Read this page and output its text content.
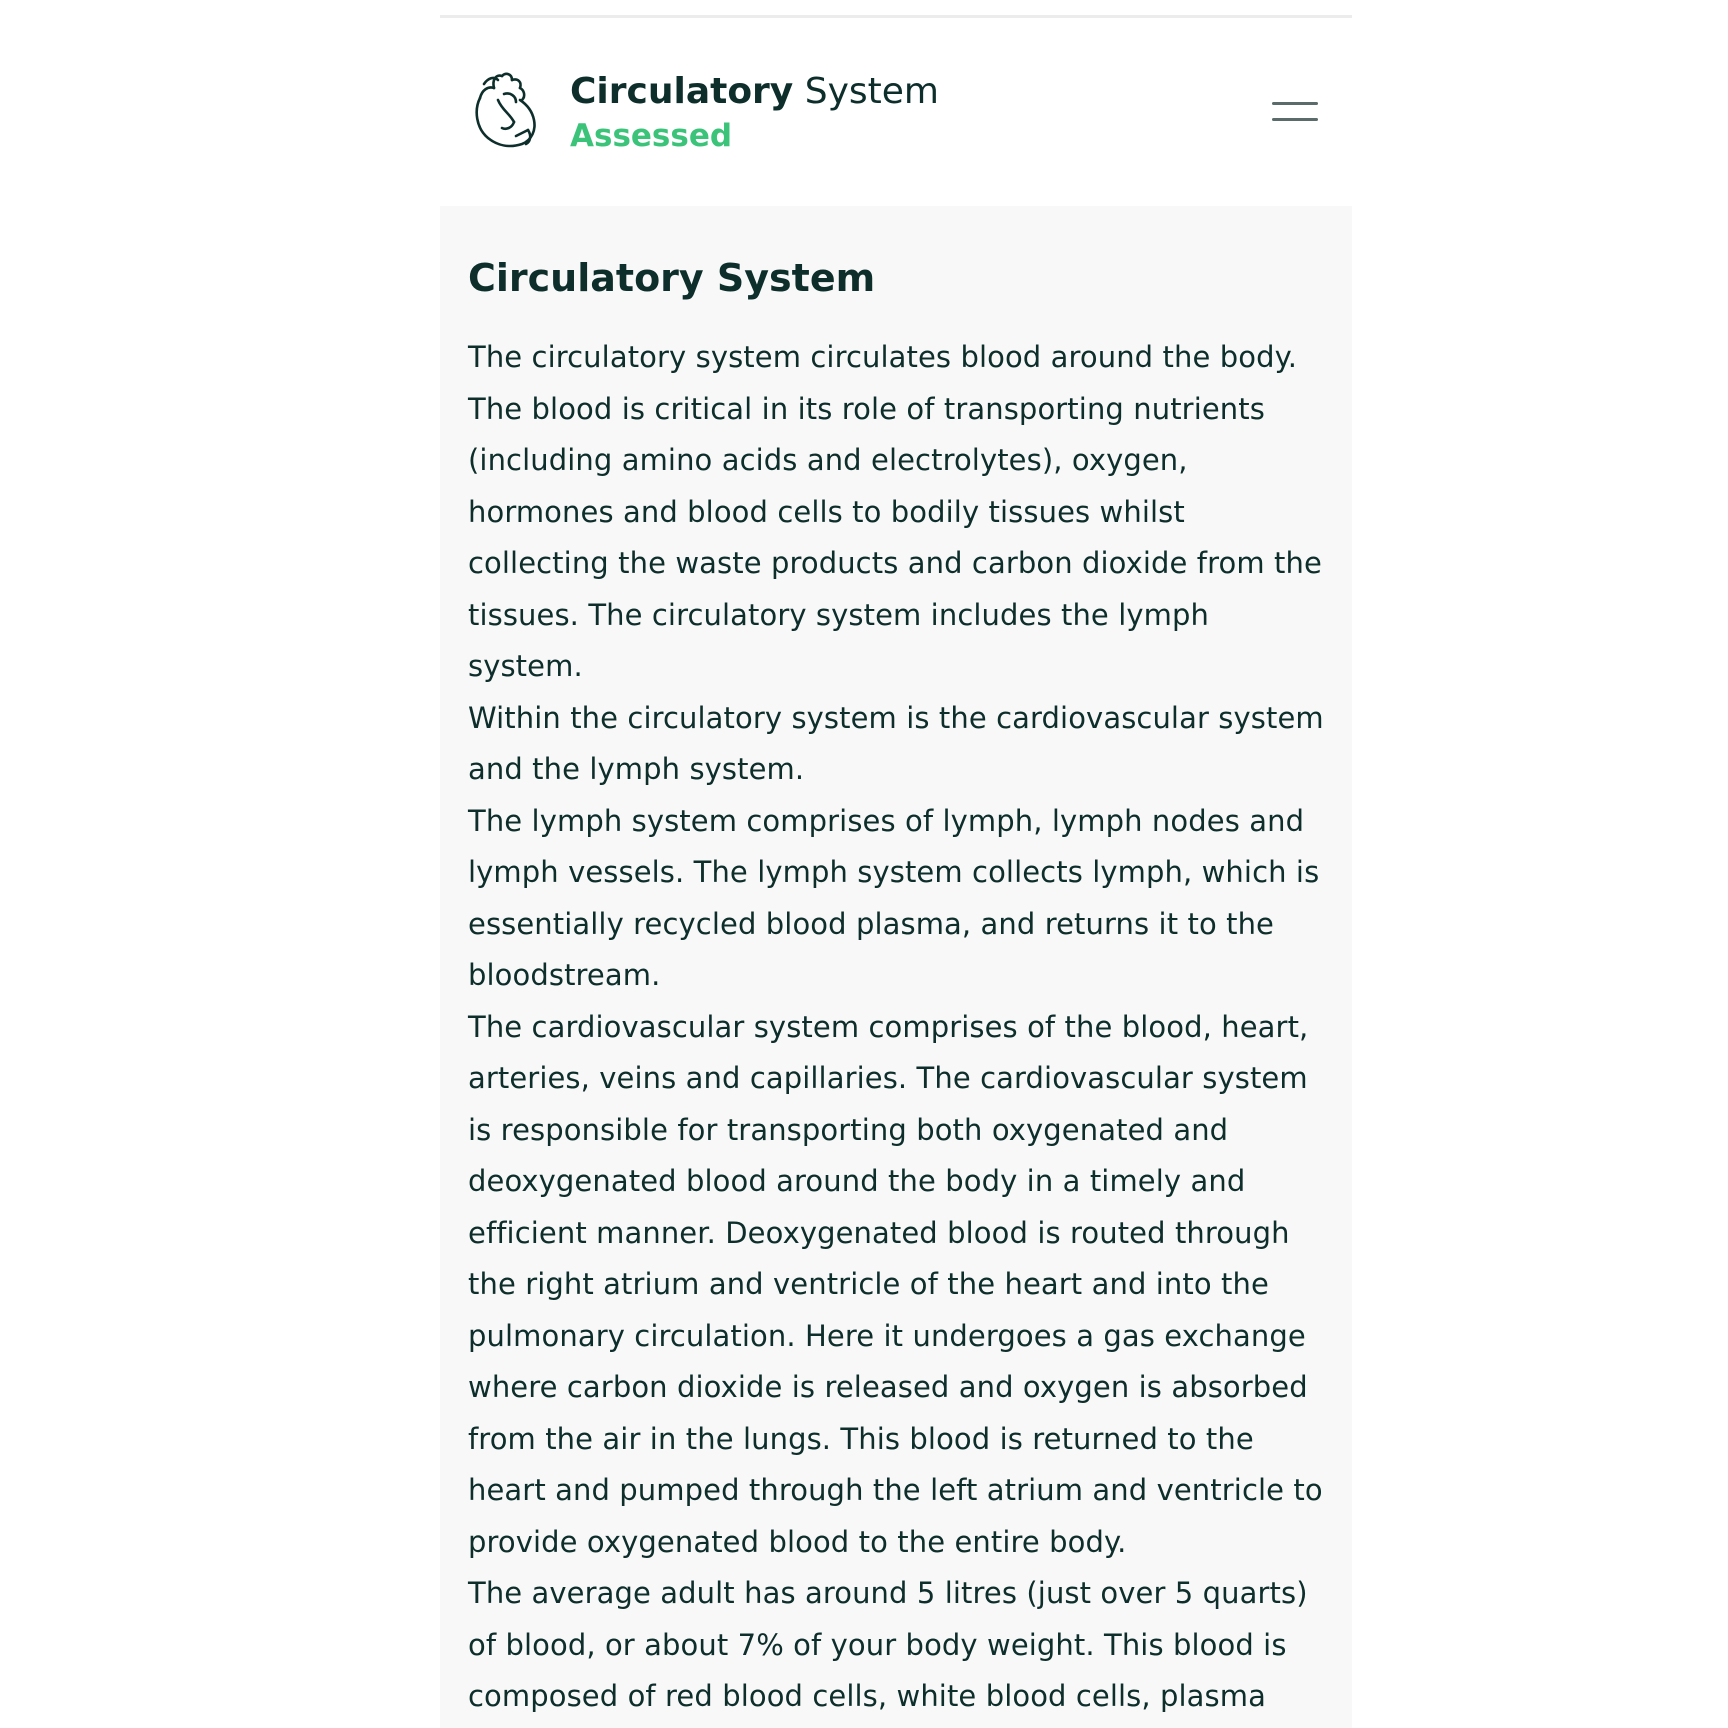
Circulatory System
Assessed
Circulatory System

The circulatory system circulates blood around the body. The blood is critical in its role of transporting nutrients (including amino acids and electrolytes), oxygen, hormones and blood cells to bodily tissues whilst collecting the waste products and carbon dioxide from the tissues. The circulatory system includes the lymph system.

Within the circulatory system is the cardiovascular system and the lymph system.

The lymph system comprises of lymph, lymph nodes and lymph vessels. The lymph system collects lymph, which is essentially recycled blood plasma, and returns it to the bloodstream.

The cardiovascular system comprises of the blood, heart, arteries, veins and capillaries. The cardiovascular system is responsible for transporting both oxygenated and deoxygenated blood around the body in a timely and efficient manner. Deoxygenated blood is routed through the right atrium and ventricle of the heart and into the pulmonary circulation. Here it undergoes a gas exchange where carbon dioxide is released and oxygen is absorbed from the air in the lungs. This blood is returned to the heart and pumped through the left atrium and ventricle to provide oxygenated blood to the entire body.

The average adult has around 5 litres (just over 5 quarts) of blood, or about 7% of your body weight. This blood is composed of red blood cells, white blood cells, plasma
